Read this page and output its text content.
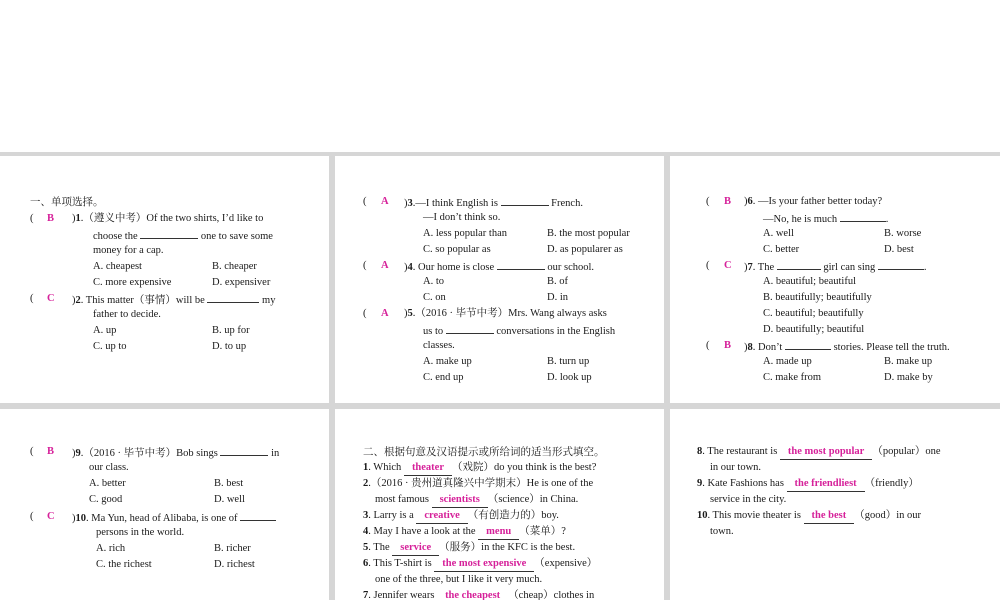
一、单项选择。
( B )1.（遵义中考）Of the two shirts, I’d like to
choose the	one to save some
money for a cap.
A. cheapest	B. cheaper
C. more expensive	D. expensiver
( C )2. This matter（事情）will be	my
father to decide.
A. up	B. up for
C. up to	D. to up
( A )3.—I think English is	French.
—I don’t think so.
A. less popular than	B. the most popular
C. so popular as	D. as popularer as
( A )4. Our home is close	our school.
A. to	B. of
C. on	D. in
( A )5.（2016 · 毕节中考）Mrs. Wang always asks
us to	conversations in the English
classes.
A. make up	B. turn up
C. end up	D. look up
( B )6. —Is your father better today?
—No, he is much	.
A. well	B. worse
C. better	D. best
( C )7. The	girl can sing	.
A. beautiful; beautiful
B. beautifully; beautifully
C. beautiful; beautifully
D. beautifully; beautiful
( B )8. Don’t	stories. Please tell the truth.
A. made up	B. make up
C. make from	D. make by
( B )9.（2016 · 毕节中考）Bob sings	in
our class.
A. better	B. best
C. good	D. well
( C )10. Ma Yun, head of Alibaba, is one of
persons in the world.
A. rich	B. richer
C. the richest	D. richest
二、根据句意及汉语提示或所给词的适当形式填空。
1. Which theater （戏院）do you think is the best?
2.（2016 · 贵州道真隆兴中学期末）He is one of the
most famous scientists （science）in China.
3. Larry is a creative （有创造力的）boy.
4. May I have a look at the menu （菜单）?
5. The service （服务）in the KFC is the best.
6. This T-shirt is the most expensive （expensive）
one of the three, but I like it very much.
7. Jennifer wears the cheapest （cheap）clothes in
8. The restaurant is the most popular （popular）one
in our town.
9. Kate Fashions has the friendliest （friendly）
service in the city.
10. This movie theater is the best （good）in our
town.
